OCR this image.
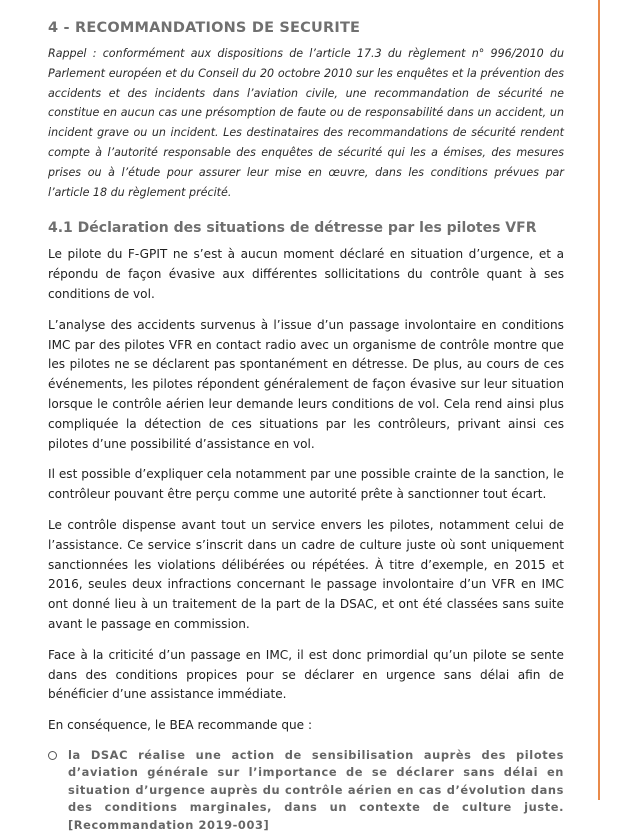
4 - RECOMMANDATIONS DE SECURITE

Rappel : conformément aux dispositions de l’article 17.3 du règlement n° 996/2010 du Parlement européen et du Conseil du 20 octobre 2010 sur les enquêtes et la prévention des accidents et des incidents dans l’aviation civile, une recommandation de sécurité ne constitue en aucun cas une présomption de faute ou de responsabilité dans un accident, un incident grave ou un incident. Les destinataires des recommandations de sécurité rendent compte à l’autorité responsable des enquêtes de sécurité qui les a émises, des mesures prises ou à l’étude pour assurer leur mise en œuvre, dans les conditions prévues par l’article 18 du règlement précité.

4.1 Déclaration des situations de détresse par les pilotes VFR

Le pilote du F-GPIT ne s’est à aucun moment déclaré en situation d’urgence, et a répondu de façon évasive aux différentes sollicitations du contrôle quant à ses conditions de vol.

L’analyse des accidents survenus à l’issue d’un passage involontaire en conditions IMC par des pilotes VFR en contact radio avec un organisme de contrôle montre que les pilotes ne se déclarent pas spontanément en détresse. De plus, au cours de ces événements, les pilotes répondent généralement de façon évasive sur leur situation lorsque le contrôle aérien leur demande leurs conditions de vol. Cela rend ainsi plus compliquée la détection de ces situations par les contrôleurs, privant ainsi ces pilotes d’une possibilité d’assistance en vol.

Il est possible d’expliquer cela notamment par une possible crainte de la sanction, le contrôleur pouvant être perçu comme une autorité prête à sanctionner tout écart.

Le contrôle dispense avant tout un service envers les pilotes, notamment celui de l’assistance. Ce service s’inscrit dans un cadre de culture juste où sont uniquement sanctionnées les violations délibérées ou répétées. À titre d’exemple, en 2015 et 2016, seules deux infractions concernant le passage involontaire d’un VFR en IMC ont donné lieu à un traitement de la part de la DSAC, et ont été classées sans suite avant le passage en commission.

Face à la criticité d’un passage en IMC, il est donc primordial qu’un pilote se sente dans des conditions propices pour se déclarer en urgence sans délai afin de bénéficier d’une assistance immédiate.

En conséquence, le BEA recommande que :

la DSAC réalise une action de sensibilisation auprès des pilotes d’aviation générale sur l’importance de se déclarer sans délai en situation d’urgence auprès du contrôle aérien en cas d’évolution dans des conditions marginales, dans un contexte de culture juste. [Recommandation 2019-003]
